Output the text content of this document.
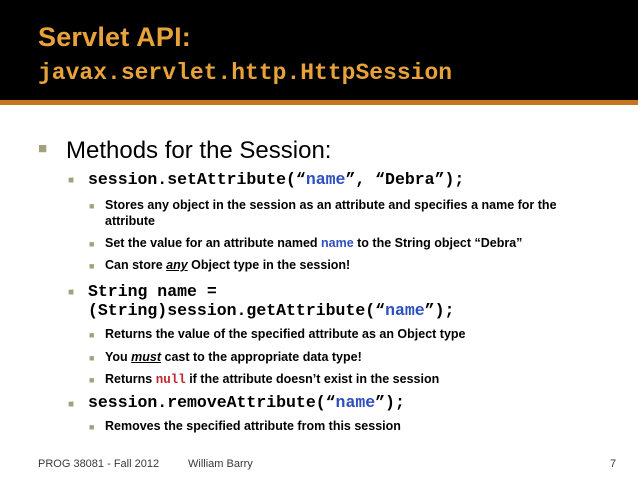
Servlet API:
javax.servlet.http.HttpSession
■ Methods for the Session:
■ session.setAttribute(“name”, “Debra”);
■ Stores any object in the session as an attribute and specifies a name for the
attribute
■ Set the value for an attribute named name to the String object “Debra”
■ Can store any Object type in the session!
■ String name =
(String)session.getAttribute(“name”);
■ Returns the value of the specified attribute as an Object type
■ You must cast to the appropriate data type!
■ Returns null if the attribute doesn’t exist in the session
■ session.removeAttribute(“name”);
■ Removes the specified attribute from this session
PROG 38081 - Fall 2012	William Barry	7
